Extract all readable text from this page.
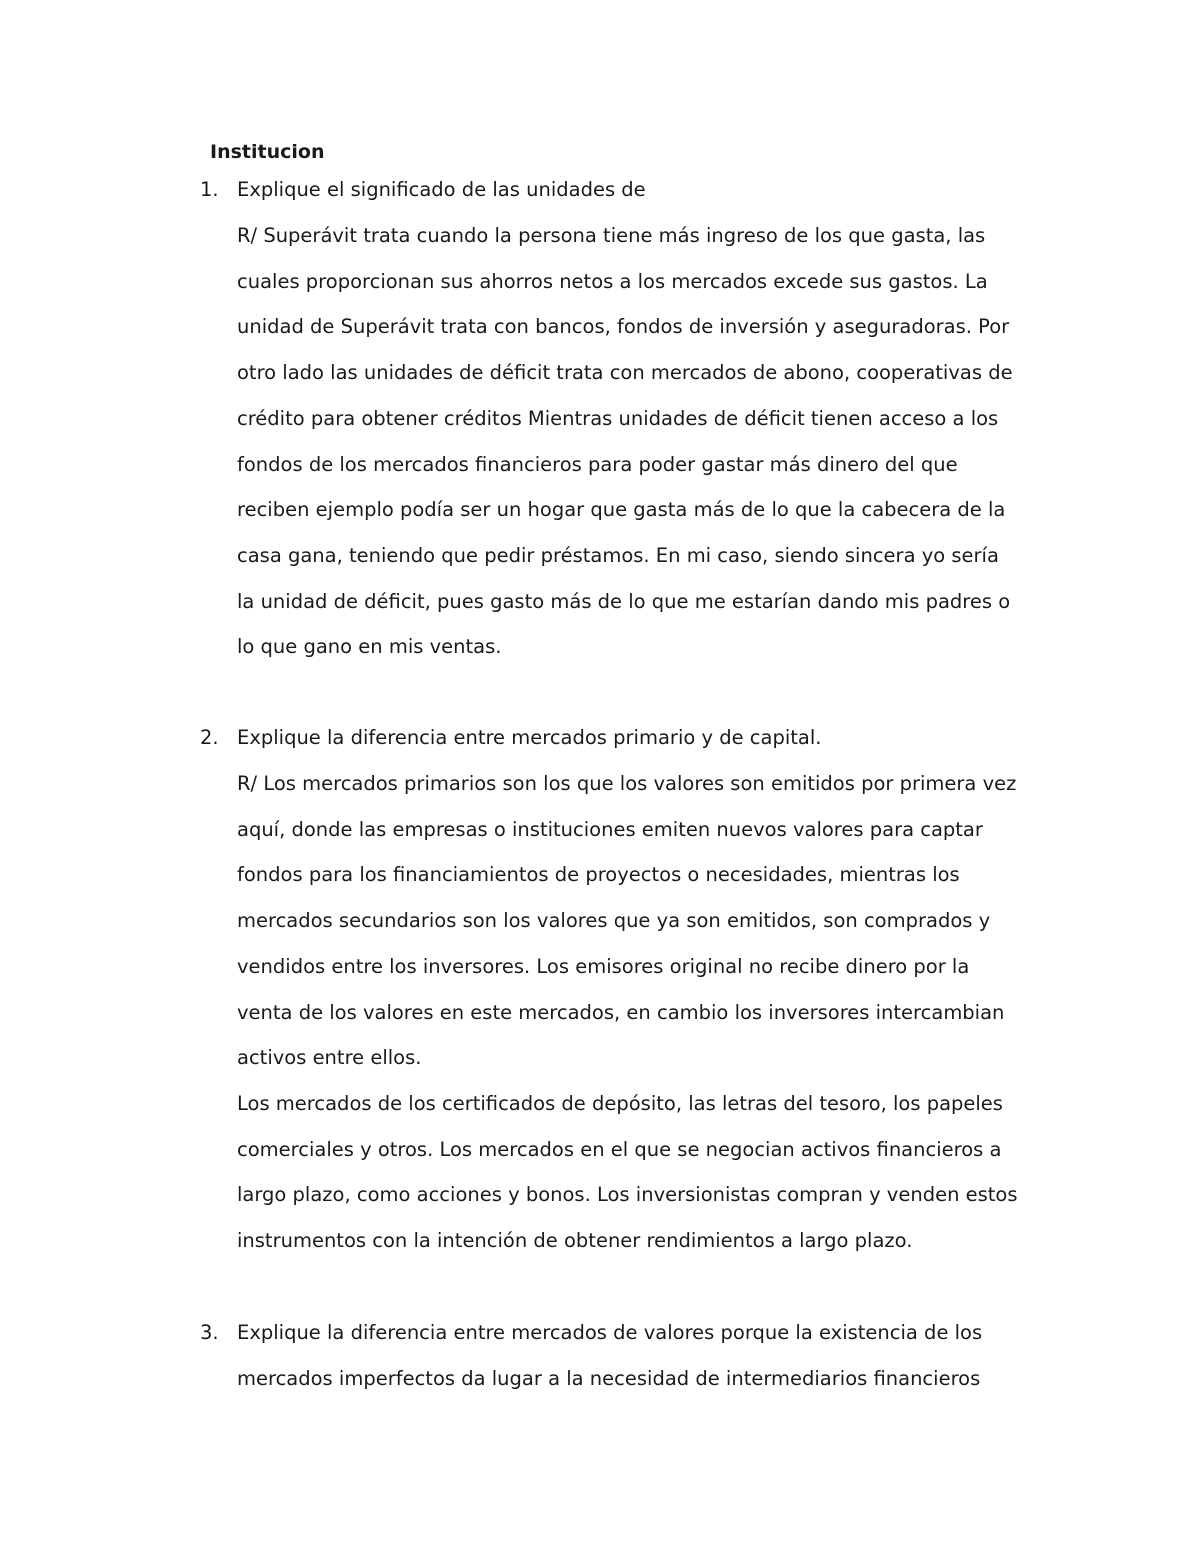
Institucion
1. Explique el significado de las unidades de
R/ Superávit trata cuando la persona tiene más ingreso de los que gasta, las
cuales proporcionan sus ahorros netos a los mercados excede sus gastos. La
unidad de Superávit trata con bancos, fondos de inversión y aseguradoras. Por
otro lado las unidades de déficit trata con mercados de abono, cooperativas de
crédito para obtener créditos Mientras unidades de déficit tienen acceso a los
fondos de los mercados financieros para poder gastar más dinero del que
reciben ejemplo podía ser un hogar que gasta más de lo que la cabecera de la
casa gana, teniendo que pedir préstamos. En mi caso, siendo sincera yo sería
la unidad de déficit, pues gasto más de lo que me estarían dando mis padres o
lo que gano en mis ventas.
2. Explique la diferencia entre mercados primario y de capital.
R/ Los mercados primarios son los que los valores son emitidos por primera vez
aquí, donde las empresas o instituciones emiten nuevos valores para captar
fondos para los financiamientos de proyectos o necesidades, mientras los
mercados secundarios son los valores que ya son emitidos, son comprados y
vendidos entre los inversores. Los emisores original no recibe dinero por la
venta de los valores en este mercados, en cambio los inversores intercambian
activos entre ellos.
Los mercados de los certificados de depósito, las letras del tesoro, los papeles
comerciales y otros. Los mercados en el que se negocian activos financieros a
largo plazo, como acciones y bonos. Los inversionistas compran y venden estos
instrumentos con la intención de obtener rendimientos a largo plazo.
3. Explique la diferencia entre mercados de valores porque la existencia de los
mercados imperfectos da lugar a la necesidad de intermediarios financieros
